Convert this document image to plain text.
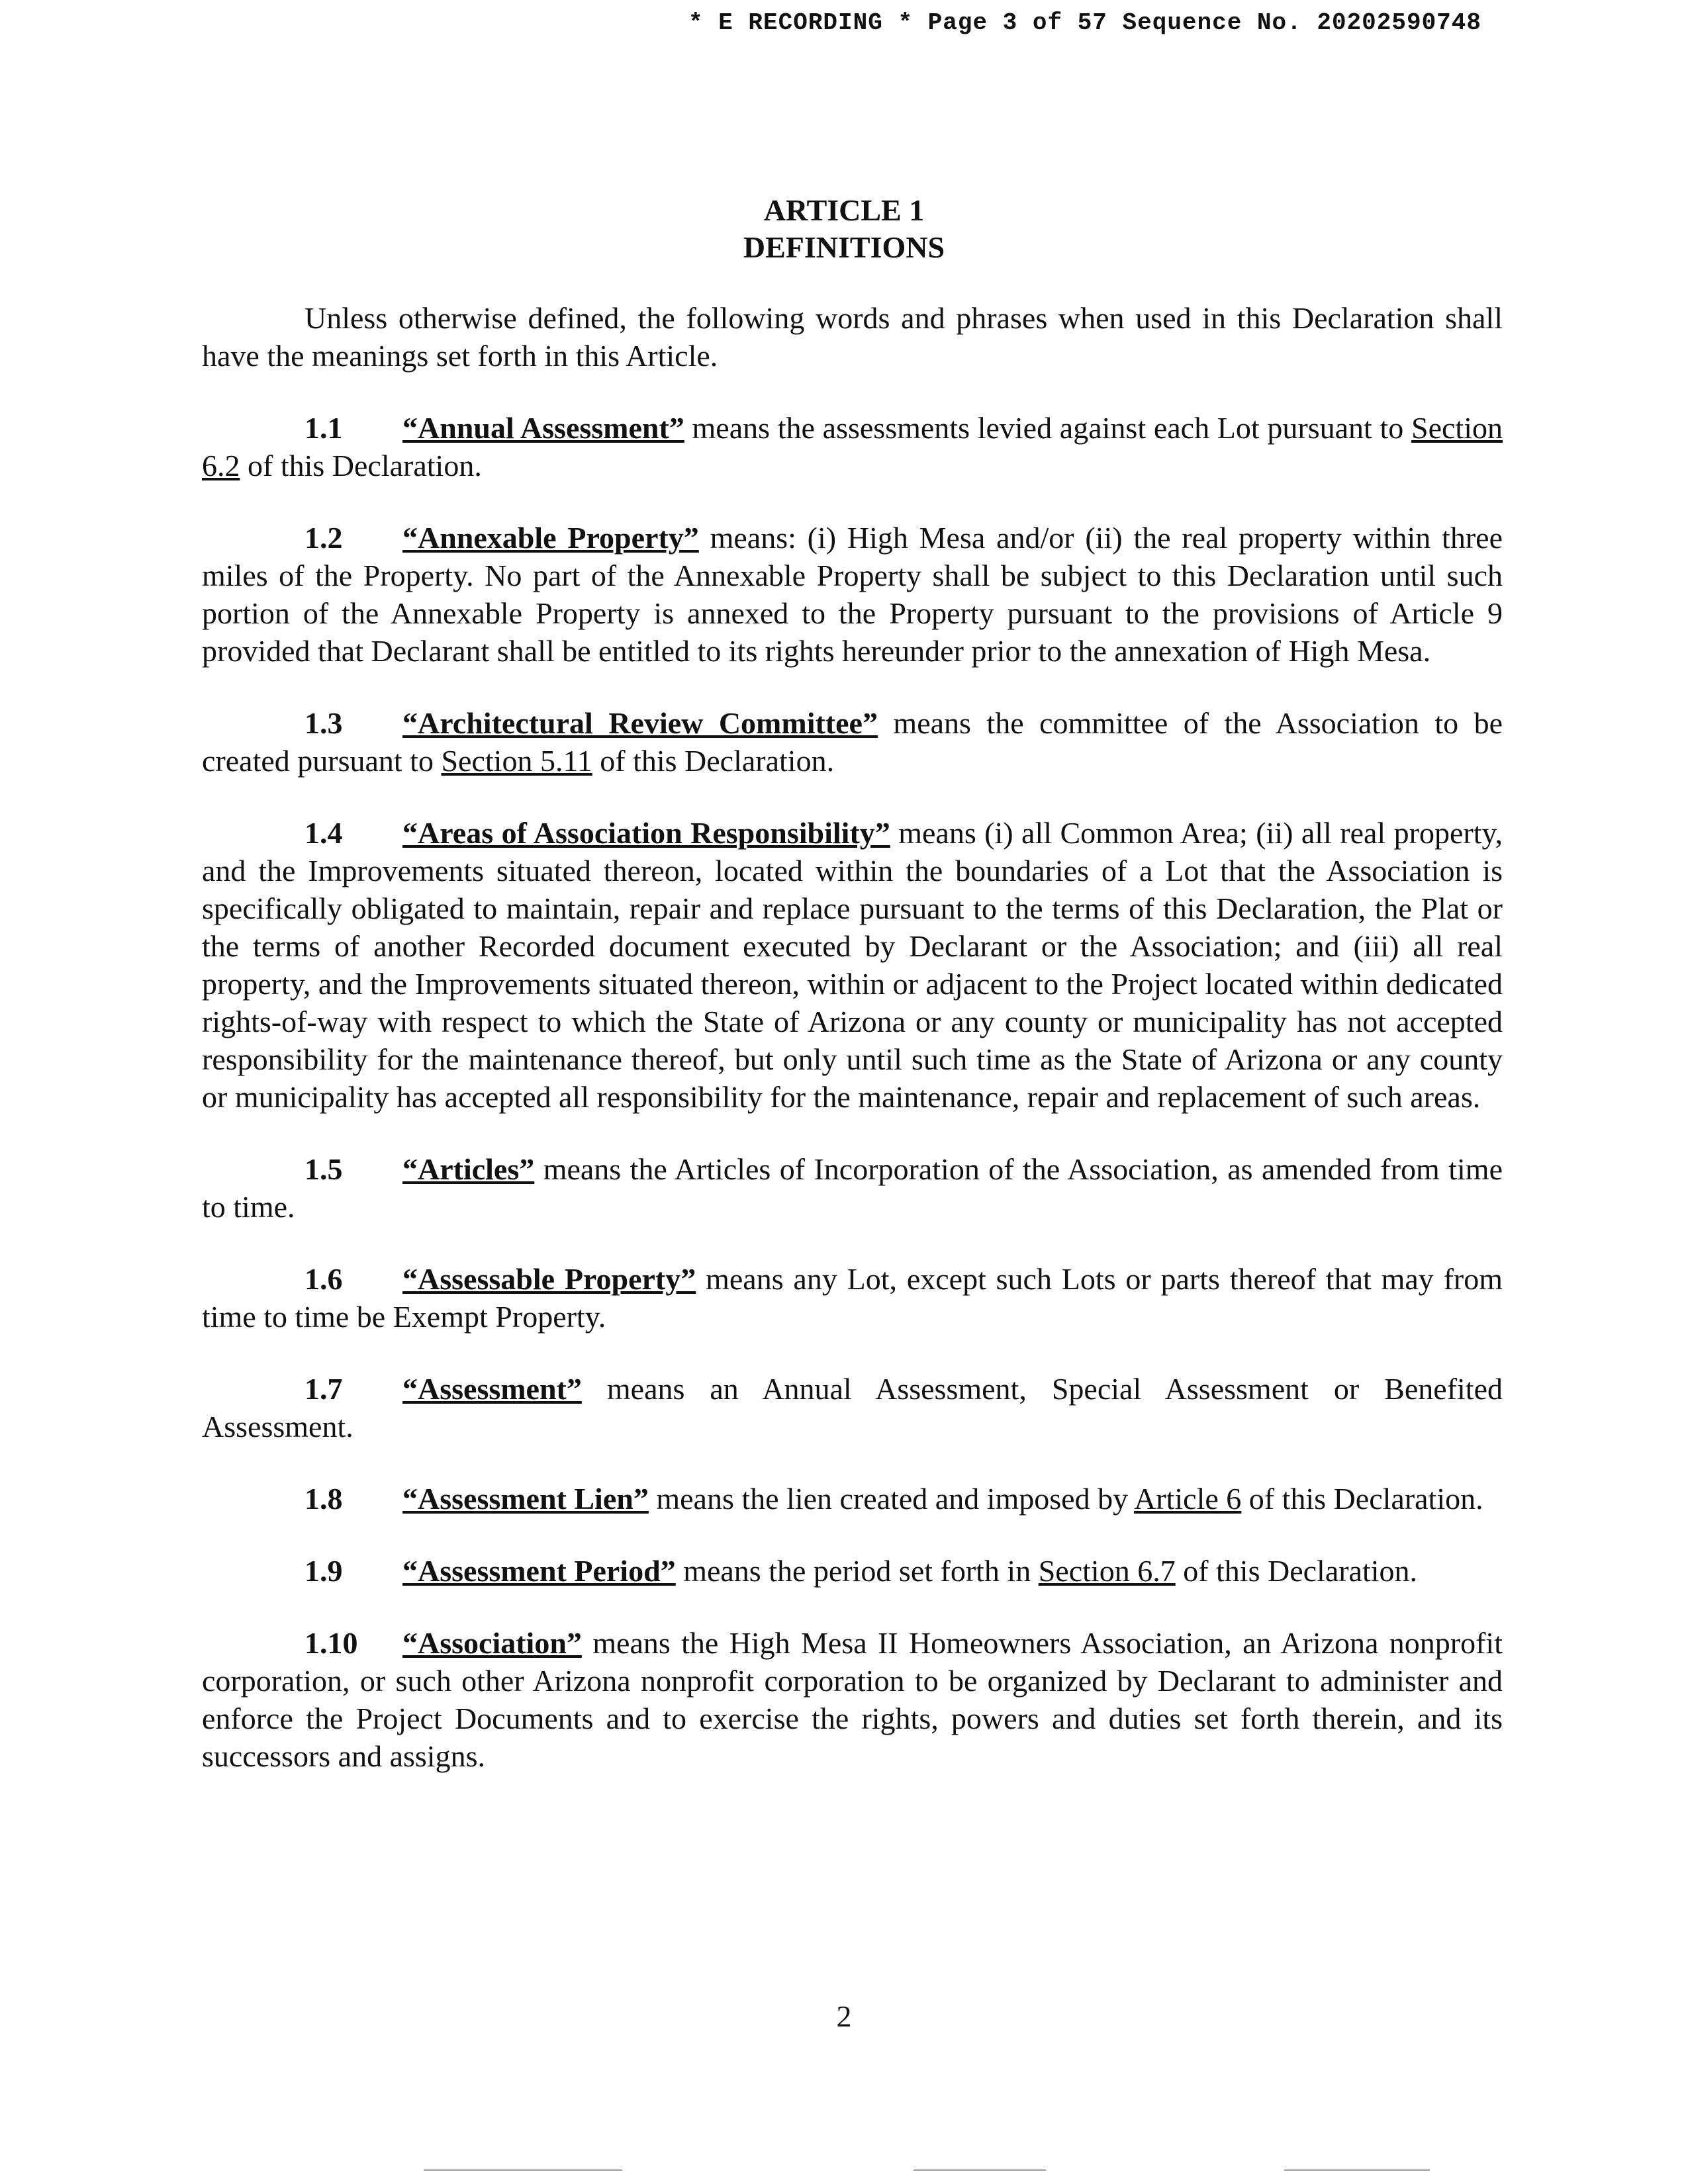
* E RECORDING * Page 3 of 57 Sequence No. 20202590748
ARTICLE 1
DEFINITIONS

Unless otherwise defined, the following words and phrases when used in this Declaration shall have the meanings set forth in this Article.

1.1 “Annual Assessment” means the assessments levied against each Lot pursuant to Section 6.2 of this Declaration.

1.2 “Annexable Property” means: (i) High Mesa and/or (ii) the real property within three miles of the Property. No part of the Annexable Property shall be subject to this Declaration until such portion of the Annexable Property is annexed to the Property pursuant to the provisions of Article 9 provided that Declarant shall be entitled to its rights hereunder prior to the annexation of High Mesa.

1.3 “Architectural Review Committee” means the committee of the Association to be created pursuant to Section 5.11 of this Declaration.

1.4 “Areas of Association Responsibility” means (i) all Common Area; (ii) all real property, and the Improvements situated thereon, located within the boundaries of a Lot that the Association is specifically obligated to maintain, repair and replace pursuant to the terms of this Declaration, the Plat or the terms of another Recorded document executed by Declarant or the Association; and (iii) all real property, and the Improvements situated thereon, within or adjacent to the Project located within dedicated rights-of-way with respect to which the State of Arizona or any county or municipality has not accepted responsibility for the maintenance thereof, but only until such time as the State of Arizona or any county or municipality has accepted all responsibility for the maintenance, repair and replacement of such areas.

1.5 “Articles” means the Articles of Incorporation of the Association, as amended from time to time.

1.6 “Assessable Property” means any Lot, except such Lots or parts thereof that may from time to time be Exempt Property.

1.7 “Assessment” means an Annual Assessment, Special Assessment or Benefited Assessment.

1.8 “Assessment Lien” means the lien created and imposed by Article 6 of this Declaration.

1.9 “Assessment Period” means the period set forth in Section 6.7 of this Declaration.

1.10 “Association” means the High Mesa II Homeowners Association, an Arizona nonprofit corporation, or such other Arizona nonprofit corporation to be organized by Declarant to administer and enforce the Project Documents and to exercise the rights, powers and duties set forth therein, and its successors and assigns.

2
